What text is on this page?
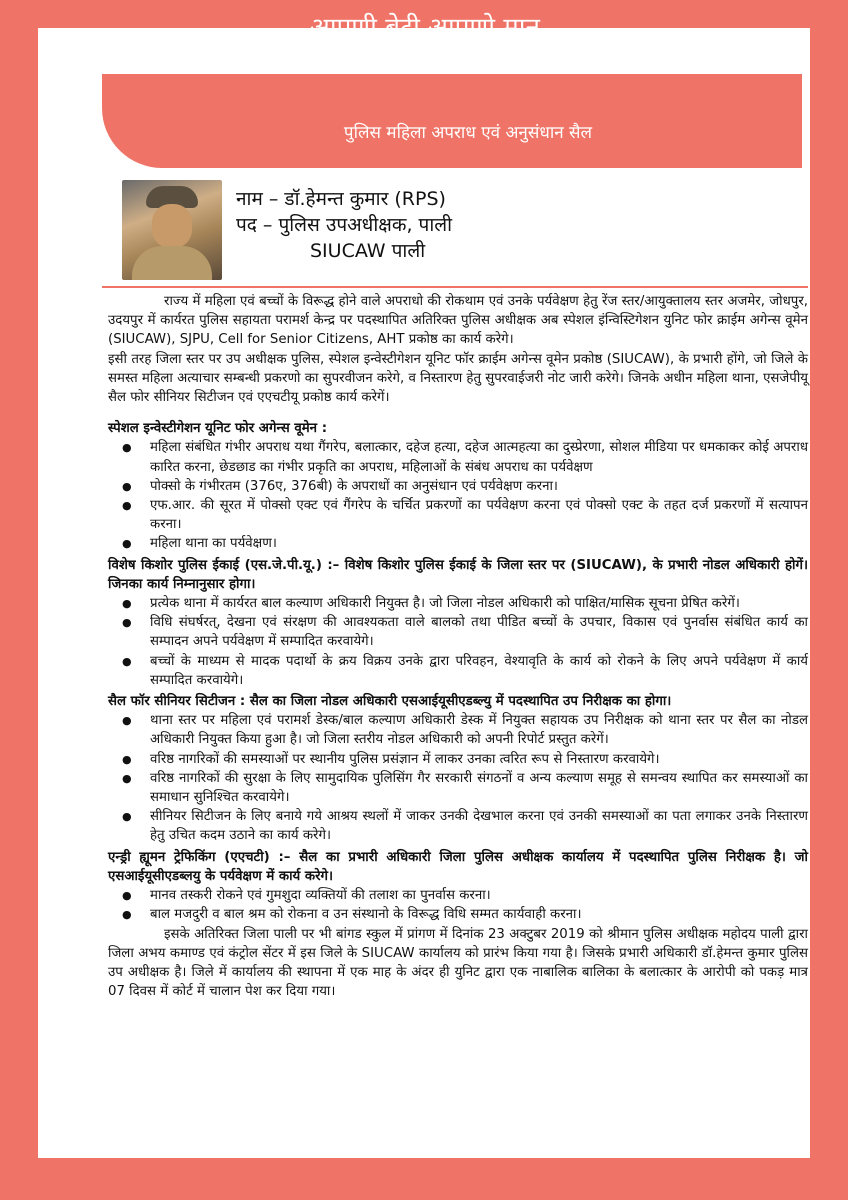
आपणी बेटी आपणो मान
पुलिस महिला अपराध एवं अनुसंधान सैल
नाम – डॉ.हेमन्त कुमार (RPS)
पद – पुलिस उपअधीक्षक, पाली
SIUCAW पाली

राज्य में महिला एवं बच्चों के विरूद्ध होने वाले अपराधो की रोकथाम एवं उनके पर्यवेक्षण हेतु रेंज स्तर/आयुक्तालय स्तर अजमेर, जोधपुर, उदयपुर में कार्यरत पुलिस सहायता परामर्श केन्द्र पर पदस्थापित अतिरिक्त पुलिस अधीक्षक अब स्पेशल इंन्विस्टिगेशन युनिट फोर क्राईम अगेन्स वूमेन (SIUCAW), SJPU, Cell for Senior Citizens, AHT प्रकोष्ठ का कार्य करेगे।

इसी तरह जिला स्तर पर उप अधीक्षक पुलिस, स्पेशल इन्वेस्टीगेशन यूनिट फॉर क्राईम अगेन्स वूमेन प्रकोष्ठ (SIUCAW), के प्रभारी होंगे, जो जिले के समस्त महिला अत्याचार सम्बन्धी प्रकरणो का सुपरवीजन करेगे, व निस्तारण हेतु सुपरवाईजरी नोट जारी करेगे। जिनके अधीन महिला थाना, एसजेपीयू सैल फोर सीनियर सिटीजन एवं एएचटीयू प्रकोष्ठ कार्य करेगें।

स्पेशल इन्वेस्टीगेशन यूनिट फोर अगेन्स वूमेन :

● महिला संबंधित गंभीर अपराध यथा गैंगरेप, बलात्कार, दहेज हत्या, दहेज आत्महत्या का दुस्प्रेरणा, सोशल मीडिया पर धमकाकर कोई अपराध कारित करना, छेडछाड का गंभीर प्रकृति का अपराध, महिलाओं के संबंध अपराध का पर्यवेक्षण
● पोक्सो के गंभीरतम (376ए, 376बी) के अपराधों का अनुसंधान एवं पर्यवेक्षण करना।
● एफ.आर. की सूरत में पोक्सो एक्ट एवं गैंगरेप के चर्चित प्रकरणों का पर्यवेक्षण करना एवं पोक्सो एक्ट के तहत दर्ज प्रकरणों में सत्यापन करना।
● महिला थाना का पर्यवेक्षण।

विशेष किशोर पुलिस ईकाई (एस.जे.पी.यू.) :– विशेष किशोर पुलिस ईकाई के जिला स्तर पर (SIUCAW), के प्रभारी नोडल अधिकारी होगें। जिनका कार्य निम्नानुसार होगा।

● प्रत्येक थाना में कार्यरत बाल कल्याण अधिकारी नियुक्त है। जो जिला नोडल अधिकारी को पाक्षित/मासिक सूचना प्रेषित करेगें।
● विधि संघर्षरत्, देखना एवं संरक्षण की आवश्यकता वाले बालको तथा पीडित बच्चों के उपचार, विकास एवं पुनर्वास संबंधित कार्य का सम्पादन अपने पर्यवेक्षण में सम्पादित करवायेगे।
● बच्चों के माध्यम से मादक पदार्थो के क्रय विक्रय उनके द्वारा परिवहन, वेश्यावृति के कार्य को रोकने के लिए अपने पर्यवेक्षण में कार्य सम्पादित करवायेगे।

सैल फॉर सीनियर सिटीजन : सैल का जिला नोडल अधिकारी एसआईयूसीएडब्ल्यु में पदस्थापित उप निरीक्षक का होगा।

● थाना स्तर पर महिला एवं परामर्श डेस्क/बाल कल्याण अधिकारी डेस्क में नियुक्त सहायक उप निरीक्षक को थाना स्तर पर सैल का नोडल अधिकारी नियुक्त किया हुआ है। जो जिला स्तरीय नोडल अधिकारी को अपनी रिपोर्ट प्रस्तुत करेगें।
● वरिष्ठ नागरिकों की समस्याओं पर स्थानीय पुलिस प्रसंज्ञान में लाकर उनका त्वरित रूप से निस्तारण करवायेगे।
● वरिष्ठ नागरिकों की सुरक्षा के लिए सामुदायिक पुलिसिंग गैर सरकारी संगठनों व अन्य कल्याण समूह से समन्वय स्थापित कर समस्याओं का समाधान सुनिश्चित करवायेगे।
● सीनियर सिटीजन के लिए बनाये गये आश्रय स्थलों में जाकर उनकी देखभाल करना एवं उनकी समस्याओं का पता लगाकर उनके निस्तारण हेतु उचित कदम उठाने का कार्य करेगे।

एन्ड्री ह्यूमन ट्रेफिकिंग (एएचटी) :– सैल का प्रभारी अधिकारी जिला पुलिस अधीक्षक कार्यालय में पदस्थापित पुलिस निरीक्षक है। जो एसआईयूसीएडब्लयु के पर्यवेक्षण में कार्य करेगे।

● मानव तस्करी रोकने एवं गुमशुदा व्यक्तियों की तलाश का पुनर्वास करना।
● बाल मजदुरी व बाल श्रम को रोकना व उन संस्थानो के विरूद्ध विधि सम्मत कार्यवाही करना।

इसके अतिरिक्त जिला पाली पर भी बांगड स्कुल में प्रांगण में दिनांक 23 अक्टुबर 2019 को श्रीमान पुलिस अधीक्षक महोदय पाली द्वारा जिला अभय कमाण्ड एवं कंट्रोल सेंटर में इस जिले के SIUCAW कार्यालय को प्रारंभ किया गया है। जिसके प्रभारी अधिकारी डॉ.हेमन्त कुमार पुलिस उप अधीक्षक है। जिले में कार्यालय की स्थापना में एक माह के अंदर ही युनिट द्वारा एक नाबालिक बालिका के बलात्कार के आरोपी को पकड़ मात्र 07 दिवस में कोर्ट में चालान पेश कर दिया गया।
